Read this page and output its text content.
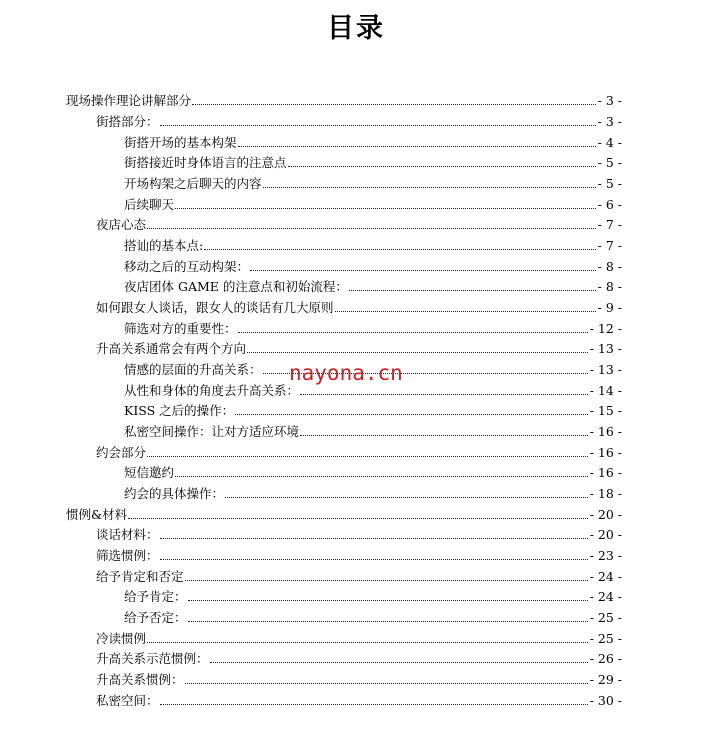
目录
现场操作理论讲解部分	- 3 -
街搭部分：	- 3 -
街搭开场的基本构架	- 4 -
街搭接近时身体语言的注意点	- 5 -
开场构架之后聊天的内容	- 5 -
后续聊天	- 6 -
夜店心态	- 7 -
搭讪的基本点:	- 7 -
移动之后的互动构架：	- 8 -
夜店团体 GAME 的注意点和初始流程：	- 8 -
如何跟女人谈话，跟女人的谈话有几大原则	- 9 -
筛选对方的重要性：	- 12 -
升高关系通常会有两个方向	- 13 -
情感的层面的升高关系：	- 13 -
从性和身体的角度去升高关系：	- 14 -
KISS 之后的操作：	- 15 -
私密空间操作：让对方适应环境	- 16 -
约会部分	- 16 -
短信邀约	- 16 -
约会的具体操作：	- 18 -
惯例&材料	- 20 -
谈话材料：	- 20 -
筛选惯例：	- 23 -
给予肯定和否定	- 24 -
给予肯定：	- 24 -
给予否定：	- 25 -
冷读惯例	- 25 -
升高关系示范惯例：	- 26 -
升高关系惯例：	- 29 -
私密空间：	- 30 -
nayona.cn
